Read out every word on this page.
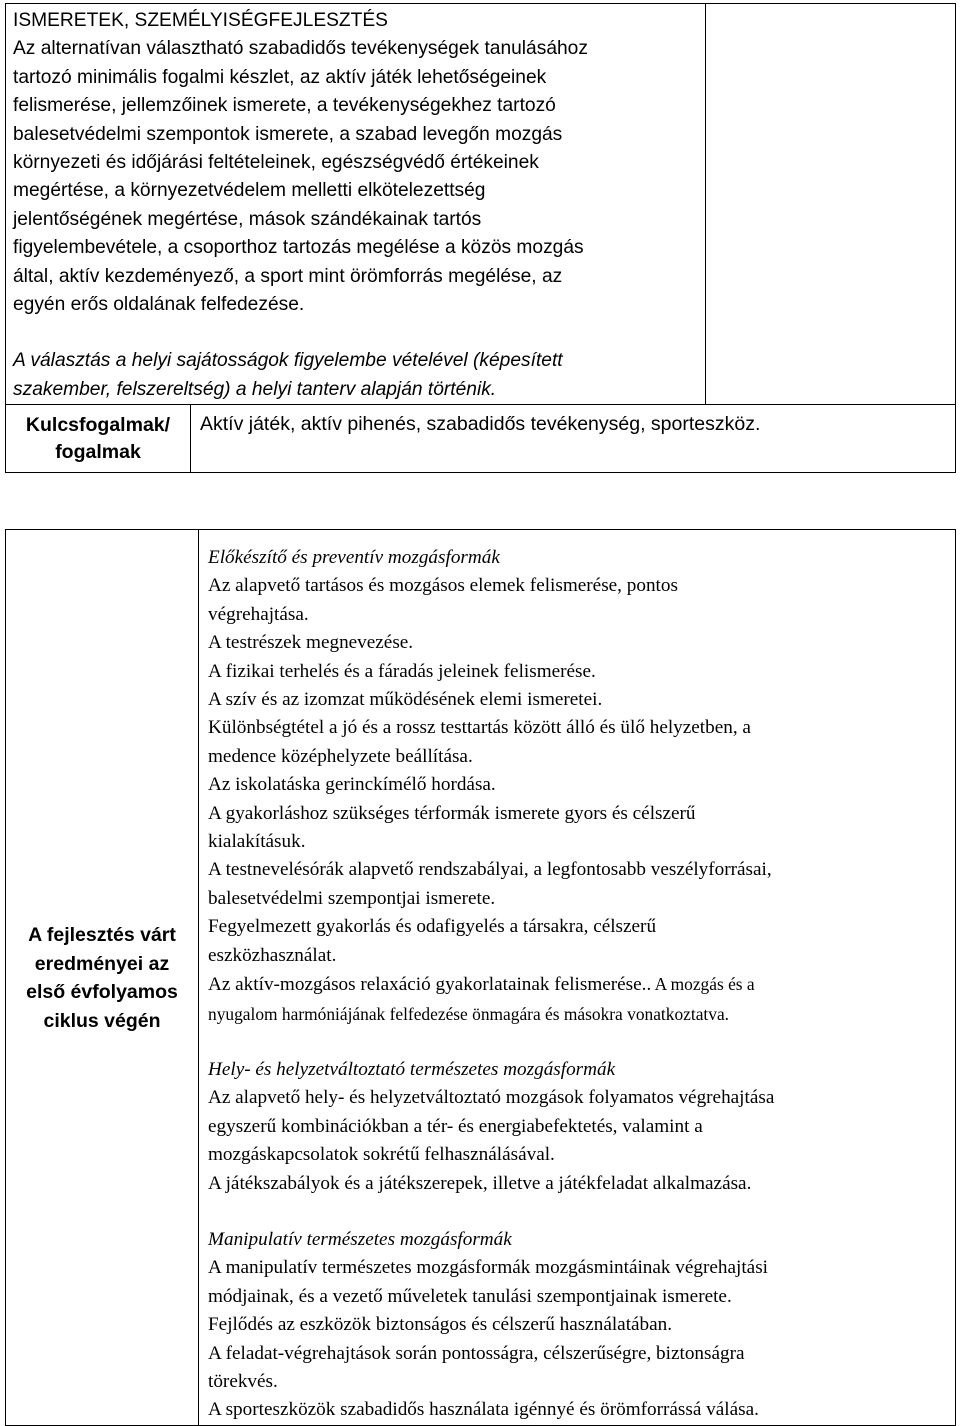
ISMERETEK, SZEMÉLYISÉGFEJLESZTÉS

Az alternatívan választható szabadidős tevékenységek tanulásához

tartozó minimális fogalmi készlet, az aktív játék lehetőségeinek

felismerése, jellemzőinek ismerete, a tevékenységekhez tartozó

balesetvédelmi szempontok ismerete, a szabad levegőn mozgás

környezeti és időjárási feltételeinek, egészségvédő értékeinek

megértése, a környezetvédelem melletti elkötelezettség

jelentőségének megértése, mások szándékainak tartós

figyelembevétele, a csoporthoz tartozás megélése a közös mozgás

által, aktív kezdeményező, a sport mint örömforrás megélése, az

egyén erős oldalának felfedezése.

A választás a helyi sajátosságok figyelembe vételével (képesített

szakember, felszereltség) a helyi tanterv alapján történik.

Kulcsfogalmak/
fogalmak
	Aktív játék, aktív pihenés, szabadidős tevékenység, sporteszköz.
A fejlesztés várt
eredményei az
első évfolyamos
ciklus végén

Előkészítő és preventív mozgásformák

Az alapvető tartásos és mozgásos elemek felismerése, pontos

végrehajtása.

A testrészek megnevezése.

A fizikai terhelés és a fáradás jeleinek felismerése.

A szív és az izomzat működésének elemi ismeretei.

Különbségtétel a jó és a rossz testtartás között álló és ülő helyzetben, a

medence középhelyzete beállítása.

Az iskolatáska gerinckímélő hordása.

A gyakorláshoz szükséges térformák ismerete gyors és célszerű

kialakításuk.

A testnevelésórák alapvető rendszabályai, a legfontosabb veszélyforrásai,

balesetvédelmi szempontjai ismerete.

Fegyelmezett gyakorlás és odafigyelés a társakra, célszerű

eszközhasználat.

Az aktív-mozgásos relaxáció gyakorlatainak felismerése.. A mozgás és a

nyugalom harmóniájának felfedezése önmagára és másokra vonatkoztatva.

Hely- és helyzetváltoztató természetes mozgásformák

Az alapvető hely- és helyzetváltoztató mozgások folyamatos végrehajtása

egyszerű kombinációkban a tér- és energiabefektetés, valamint a

mozgáskapcsolatok sokrétű felhasználásával.

A játékszabályok és a játékszerepek, illetve a játékfeladat alkalmazása.

Manipulatív természetes mozgásformák

A manipulatív természetes mozgásformák mozgásmintáinak végrehajtási

módjainak, és a vezető műveletek tanulási szempontjainak ismerete.

Fejlődés az eszközök biztonságos és célszerű használatában.

A feladat-végrehajtások során pontosságra, célszerűségre, biztonságra

törekvés.

A sporteszközök szabadidős használata igénnyé és örömforrássá válása.
